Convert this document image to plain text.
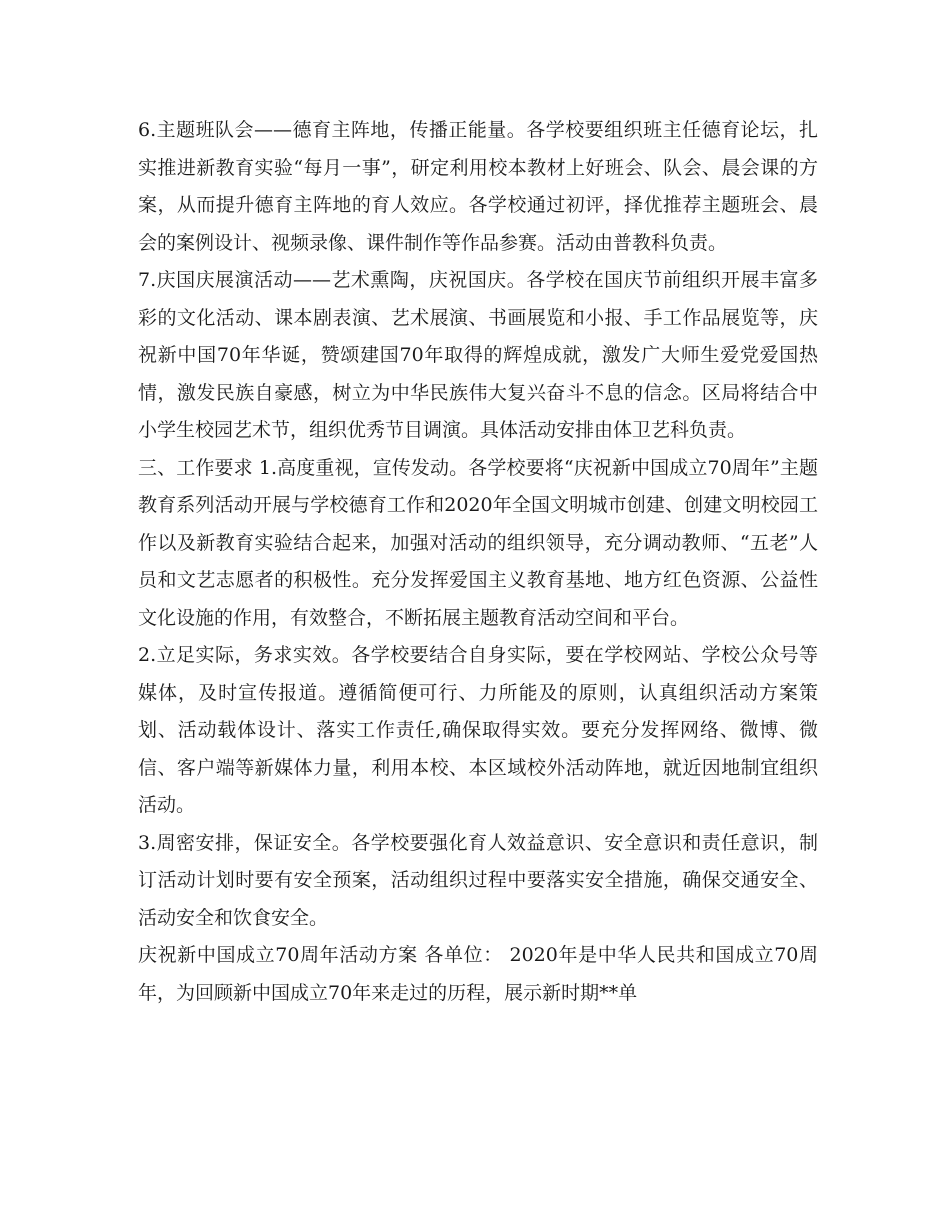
6.主题班队会——德育主阵地，传播正能量。各学校要组织班主任德育论坛，扎实推进新教育实验“每月一事”，研定利用校本教材上好班会、队会、晨会课的方案，从而提升德育主阵地的育人效应。各学校通过初评，择优推荐主题班会、晨会的案例设计、视频录像、课件制作等作品参赛。活动由普教科负责。

7.庆国庆展演活动——艺术熏陶，庆祝国庆。各学校在国庆节前组织开展丰富多彩的文化活动、课本剧表演、艺术展演、书画展览和小报、手工作品展览等，庆祝新中国70年华诞，赞颂建国70年取得的辉煌成就，激发广大师生爱党爱国热情，激发民族自豪感，树立为中华民族伟大复兴奋斗不息的信念。区局将结合中小学生校园艺术节，组织优秀节目调演。具体活动安排由体卫艺科负责。

三、工作要求 1.高度重视，宣传发动。各学校要将“庆祝新中国成立70周年”主题教育系列活动开展与学校德育工作和2020年全国文明城市创建、创建文明校园工作以及新教育实验结合起来，加强对活动的组织领导，充分调动教师、“五老”人员和文艺志愿者的积极性。充分发挥爱国主义教育基地、地方红色资源、公益性文化设施的作用，有效整合，不断拓展主题教育活动空间和平台。

2.立足实际，务求实效。各学校要结合自身实际，要在学校网站、学校公众号等媒体，及时宣传报道。遵循简便可行、力所能及的原则，认真组织活动方案策划、活动载体设计、落实工作责任,确保取得实效。要充分发挥网络、微博、微信、客户端等新媒体力量，利用本校、本区域校外活动阵地，就近因地制宜组织活动。

3.周密安排，保证安全。各学校要强化育人效益意识、安全意识和责任意识，制订活动计划时要有安全预案，活动组织过程中要落实安全措施，确保交通安全、活动安全和饮食安全。

庆祝新中国成立70周年活动方案 各单位： 2020年是中华人民共和国成立70周年，为回顾新中国成立70年来走过的历程，展示新时期**单
